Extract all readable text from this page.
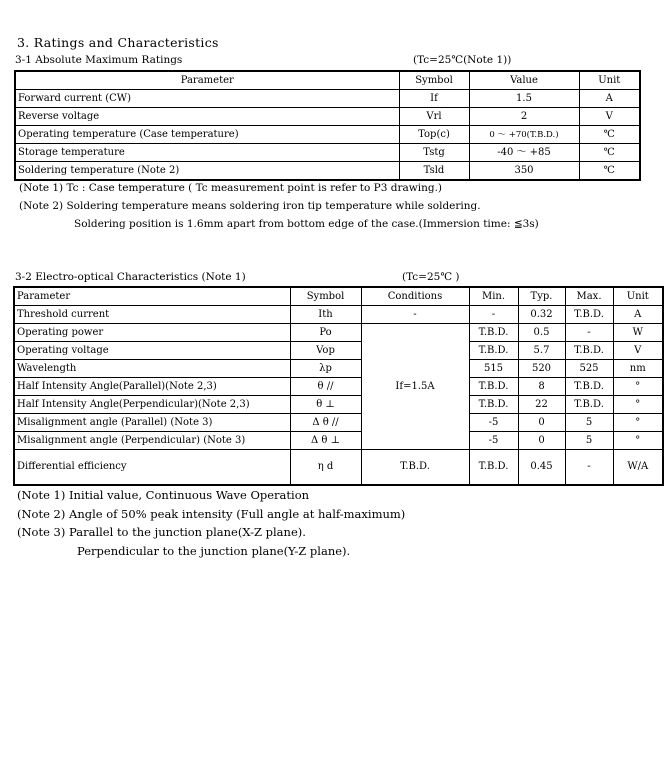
3. Ratings and Characteristics
3-1 Absolute Maximum Ratings	(Tc=25℃(Note 1))
Parameter	Symbol	Value	Unit
Forward current (CW)	If	1.5	A
Reverse voltage	Vrl	2	V
Operating temperature (Case temperature)	Top(c)	0 ～ +70(T.B.D.)	℃
Storage temperature	Tstg	-40 ～ +85	℃
Soldering temperature (Note 2)	Tsld	350	℃
(Note 1) Tc : Case temperature ( Tc measurement point is refer to P3 drawing.)
(Note 2) Soldering temperature means soldering iron tip temperature while soldering.
Soldering position is 1.6mm apart from bottom edge of the case.(Immersion time: ≦3s)
3-2 Electro-optical Characteristics (Note 1)	(Tc=25℃ )
Parameter	Symbol	Conditions	Min.	Typ.	Max.	Unit
Threshold current	Ith	-	-	0.32	T.B.D.	A
Operating power	Po	If=1.5A	T.B.D.	0.5	-	W
Operating voltage	Vop		T.B.D.	5.7	T.B.D.	V
Wavelength	λp		515	520	525	nm
Half Intensity Angle(Parallel)(Note 2,3)	θ //		T.B.D.	8	T.B.D.	°
Half Intensity Angle(Perpendicular)(Note 2,3)	θ ⊥		T.B.D.	22	T.B.D.	°
Misalignment angle (Parallel) (Note 3)	Δ θ //		-5	0	5	°
Misalignment angle (Perpendicular) (Note 3)	Δ θ ⊥		-5	0	5	°
Differential efficiency	η d	T.B.D.	T.B.D.	0.45	-	W/A
(Note 1) Initial value, Continuous Wave Operation
(Note 2) Angle of 50% peak intensity (Full angle at half-maximum)
(Note 3) Parallel to the junction plane(X-Z plane).
Perpendicular to the junction plane(Y-Z plane).
